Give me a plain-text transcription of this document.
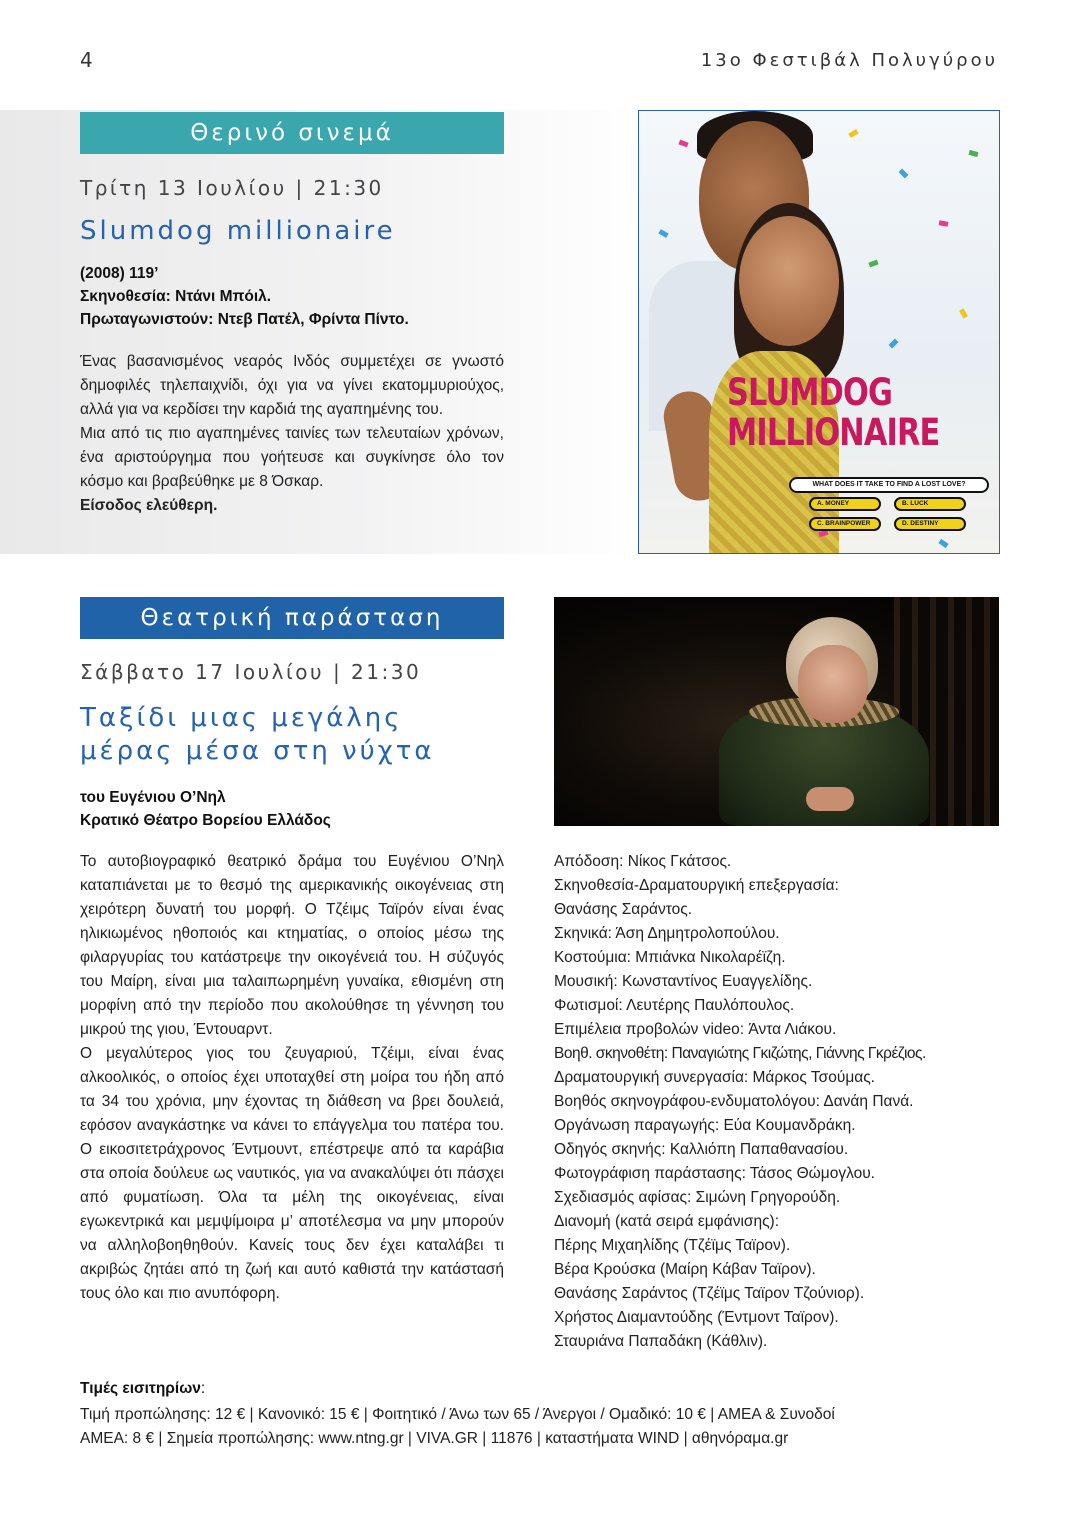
4	13ο Φεστιβάλ Πολυγύρου
Θερινό σινεμά
Τρίτη 13 Ιουλίου | 21:30
Slumdog millionaire
(2008) 119’
Σκηνοθεσία: Ντάνι Μπόιλ.
Πρωταγωνιστούν: Ντεβ Πατέλ, Φρίντα Πίντο.

Ένας βασανισμένος νεαρός Ινδός συμμετέχει σε γνωστό δημοφιλές τηλεπαιχνίδι, όχι για να γίνει εκατομμυριούχος, αλλά για να κερδίσει την καρδιά της αγαπημένης του.

Μια από τις πιο αγαπημένες ταινίες των τελευταίων χρόνων, ένα αριστούργημα που γοήτευσε και συγκίνησε όλο τον κόσμο και βραβεύθηκε με 8 Όσκαρ.

Είσοδος ελεύθερη.

SLUMDOG
MILLIONAIRE
WHAT DOES IT TAKE TO FIND A LOST LOVE?
A. MONEY	B. LUCK
C. BRAINPOWER	D. DESTINY
Θεατρική παράσταση
Σάββατο 17 Ιουλίου | 21:30
Ταξίδι μιας μεγάλης
μέρας μέσα στη νύχτα
του Ευγένιου Ο’Νηλ
Κρατικό Θέατρο Βορείου Ελλάδος

Το αυτοβιογραφικό θεατρικό δράμα του Ευγένιου Ο’Νηλ καταπιάνεται με το θεσμό της αμερικανικής οικογένειας στη χειρότερη δυνατή του μορφή. Ο Τζέιμς Ταϊρόν είναι ένας ηλικιωμένος ηθοποιός και κτηματίας, ο οποίος μέσω της φιλαργυρίας του κατάστρεψε την οικογένειά του. Η σύζυγός του Μαίρη, είναι μια ταλαιπωρημένη γυναίκα, εθισμένη στη μορφίνη από την περίοδο που ακολούθησε τη γέννηση του μικρού της γιου, Έντουαρντ.

Ο μεγαλύτερος γιος του ζευγαριού, Τζέιμι, είναι ένας αλκοολικός, ο οποίος έχει υποταχθεί στη μοίρα του ήδη από τα 34 του χρόνια, μην έχοντας τη διάθεση να βρει δουλειά, εφόσον αναγκάστηκε να κάνει το επάγγελμα του πατέρα του. Ο εικοσιτετράχρονος Έντμουντ, επέστρεψε από τα καράβια στα οποία δούλευε ως ναυτικός, για να ανακαλύψει ότι πάσχει από φυματίωση. Όλα τα μέλη της οικογένειας, είναι εγωκεντρικά και μεμψίμοιρα μ’ αποτέλεσμα να μην μπορούν να αλληλοβοηθηθούν. Κανείς τους δεν έχει καταλάβει τι ακριβώς ζητάει από τη ζωή και αυτό καθιστά την κατάστασή τους όλο και πιο ανυπόφορη.

Απόδοση: Νίκος Γκάτσος.
Σκηνοθεσία-Δραματουργική επεξεργασία:
Θανάσης Σαράντος.
Σκηνικά: Άση Δημητρολοπούλου.
Κοστούμια: Μπιάνκα Νικολαρέϊζη.
Μουσική: Κωνσταντίνος Ευαγγελίδης.
Φωτισμοί: Λευτέρης Παυλόπουλος.
Επιμέλεια προβολών video: Άντα Λιάκου.
Βοηθ. σκηνοθέτη: Παναγιώτης Γκιζώτης, Γιάννης Γκρέζιος.
Δραματουργική συνεργασία: Μάρκος Τσούμας.
Βοηθός σκηνογράφου-ενδυματολόγου: Δανάη Πανά.
Οργάνωση παραγωγής: Εύα Κουμανδράκη.
Οδηγός σκηνής: Καλλιόπη Παπαθανασίου.
Φωτογράφιση παράστασης: Τάσος Θώμογλου.
Σχεδιασμός αφίσας: Σιμώνη Γρηγορούδη.
Διανομή (κατά σειρά εμφάνισης):
Πέρης Μιχαηλίδης (Τζέϊμς Ταϊρον).
Βέρα Κρούσκα (Μαίρη Κάβαν Ταϊρον).
Θανάσης Σαράντος (Τζέϊμς Ταϊρον Τζούνιορ).
Χρήστος Διαμαντούδης (Έντμοντ Ταϊρον).
Σταυριάνα Παπαδάκη (Κάθλιν).
Τιμές εισιτηρίων:
Τιμή προπώλησης: 12 € | Κανονικό: 15 € | Φοιτητικό / Άνω των 65 / Άνεργοι / Ομαδικό: 10 € | ΑΜΕΑ & Συνοδοί
ΑΜΕΑ: 8 € | Σημεία προπώλησης: www.ntng.gr | VIVA.GR | 11876 | καταστήματα WIND | αθηνόραμα.gr
